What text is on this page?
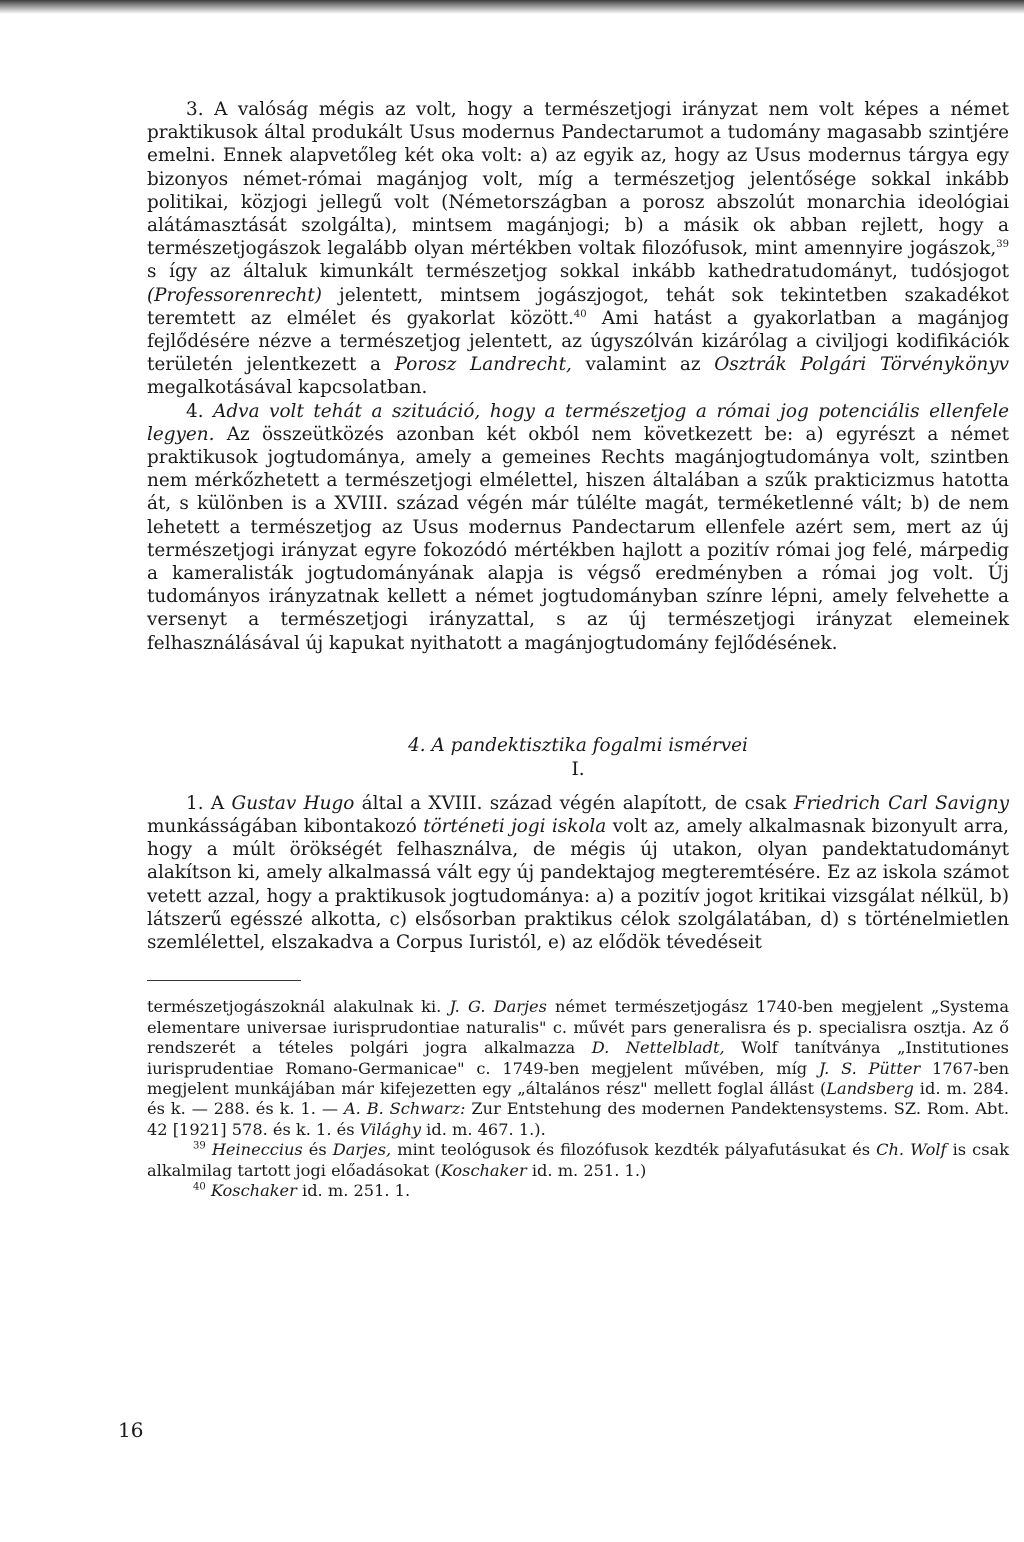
3. A valóság mégis az volt, hogy a természetjogi irányzat nem volt képes a német praktikusok által produkált Usus modernus Pandectarumot a tudomány magasabb szintjére emelni. Ennek alapvetőleg két oka volt: a) az egyik az, hogy az Usus modernus tárgya egy bizonyos német-római magánjog volt, míg a természetjog jelentősége sokkal inkább politikai, közjogi jellegű volt (Németországban a porosz abszolút monarchia ideológiai alátámasztását szolgálta), mintsem magánjogi; b) a másik ok abban rejlett, hogy a természetjogászok legalább olyan mértékben voltak filozófusok, mint amennyire jogászok,$^{39}$ s így az általuk kimunkált természetjog sokkal inkább kathedratudományt, tudósjogot (Professorenrecht) jelentett, mintsem jogászjogot, tehát sok tekintetben szakadékot teremtett az elmélet és gyakorlat között.$^{40}$ Ami hatást a gyakorlatban a magánjog fejlődésére nézve a természetjog jelentett, az úgyszólván kizárólag a civiljogi kodifikációk területén jelentkezett a Porosz Landrecht, valamint az Osztrák Polgári Törvénykönyv megalkotásával kapcsolatban.

4. Adva volt tehát a szituáció, hogy a természetjog a római jog potenciális ellenfele legyen. Az összeütközés azonban két okból nem következett be: a) egyrészt a német praktikusok jogtudománya, amely a gemeines Rechts magánjogtudománya volt, szintben nem mérkőzhetett a természetjogi elmélettel, hiszen általában a szűk prakticizmus hatotta át, s különben is a XVIII. század végén már túlélte magát, terméketlenné vált; b) de nem lehetett a természetjog az Usus modernus Pandectarum ellenfele azért sem, mert az új természetjogi irányzat egyre fokozódó mértékben hajlott a pozitív római jog felé, márpedig a kameralisták jogtudományának alapja is végső eredményben a római jog volt. Új tudományos irányzatnak kellett a német jogtudományban színre lépni, amely felvehette a versenyt a természetjogi irányzattal, s az új természetjogi irányzat elemeinek felhasználásával új kapukat nyithatott a magánjogtudomány fejlődésének.

4. A pandektisztika fogalmi ismérvei
I.

1. A Gustav Hugo által a XVIII. század végén alapított, de csak Friedrich Carl Savigny munkásságában kibontakozó történeti jogi iskola volt az, amely alkalmasnak bizonyult arra, hogy a múlt örökségét felhasználva, de mégis új utakon, olyan pandektatudományt alakítson ki, amely alkalmassá vált egy új pandektajog megteremtésére. Ez az iskola számot vetett azzal, hogy a praktikusok jogtudománya: a) a pozitív jogot kritikai vizsgálat nélkül, b) látszerű egésszé alkotta, c) elsősorban praktikus célok szolgálatában, d) s történelmietlen szemlélettel, elszakadva a Corpus Iuristól, e) az elődök tévedéseit

természetjogászoknál alakulnak ki. J. G. Darjes német természetjogász 1740-ben megjelent „Systema elementare universae iurisprudontiae naturalis" c. művét pars generalisra és p. specialisra osztja. Az ő rendszerét a tételes polgári jogra alkalmazza D. Nettelbladt, Wolf tanítványa „Institutiones iurisprudentiae Romano-Germanicae" c. 1749-ben megjelent művében, míg J. S. Pütter 1767-ben megjelent munkájában már kifejezetten egy „általános rész" mellett foglal állást (Landsberg id. m. 284. és k. — 288. és k. 1. — A. B. Schwarz: Zur Entstehung des modernen Pandektensystems. SZ. Rom. Abt. 42 [1921] 578. és k. 1. és Világhy id. m. 467. 1.).

$^{39}$ Heineccius és Darjes, mint teológusok és filozófusok kezdték pályafutásukat és Ch. Wolf is csak alkalmilag tartott jogi előadásokat (Koschaker id. m. 251. 1.)

$^{40}$ Koschaker id. m. 251. 1.

16
